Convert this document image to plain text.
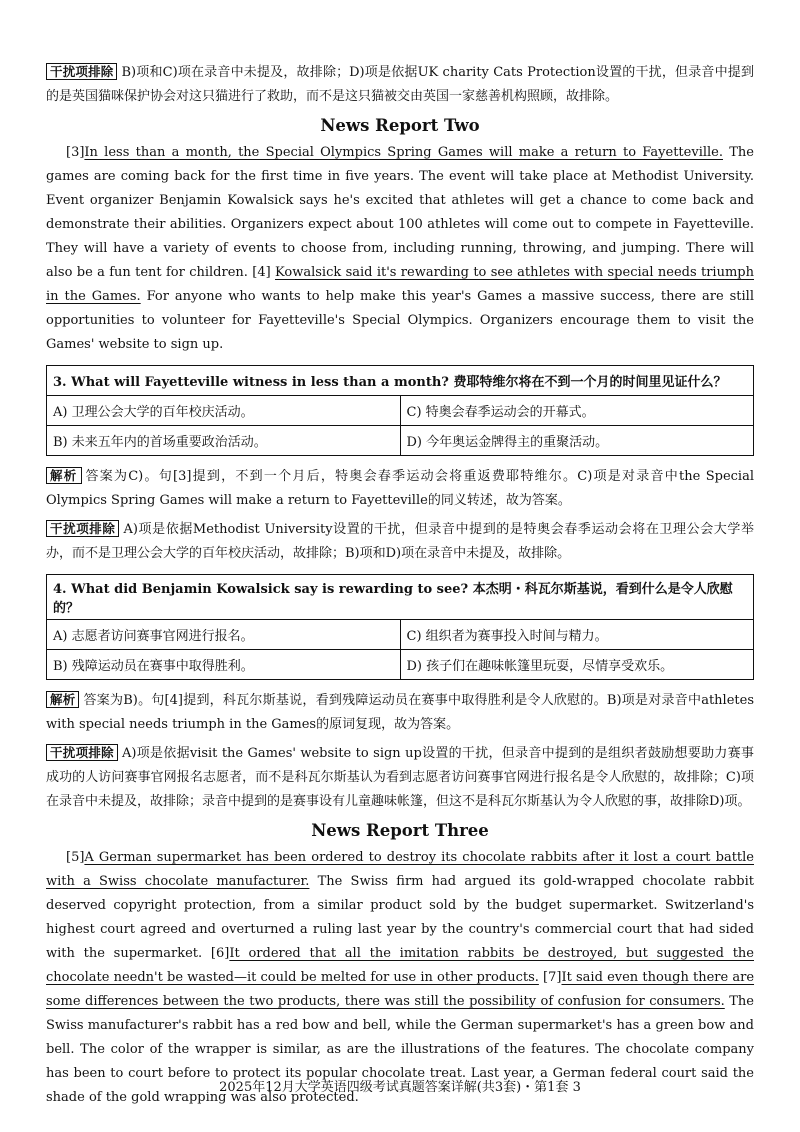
干扰项排除 B)项和C)项在录音中未提及，故排除；D)项是依据UK charity Cats Protection设置的干扰，但录音中提到的是英国猫咪保护协会对这只猫进行了救助，而不是这只猫被交由英国一家慈善机构照顾，故排除。

News Report Two

[3]In less than a month, the Special Olympics Spring Games will make a return to Fayetteville. The games are coming back for the first time in five years. The event will take place at Methodist University. Event organizer Benjamin Kowalsick says he's excited that athletes will get a chance to come back and demonstrate their abilities. Organizers expect about 100 athletes will come out to compete in Fayetteville. They will have a variety of events to choose from, including running, throwing, and jumping. There will also be a fun tent for children. [4] Kowalsick said it's rewarding to see athletes with special needs triumph in the Games. For anyone who wants to help make this year's Games a massive success, there are still opportunities to volunteer for Fayetteville's Special Olympics. Organizers encourage them to visit the Games' website to sign up.

3. What will Fayetteville witness in less than a month? 费耶特维尔将在不到一个月的时间里见证什么？	
A) 卫理公会大学的百年校庆活动。	C) 特奥会春季运动会的开幕式。
B) 未来五年内的首场重要政治活动。	D) 今年奥运金牌得主的重聚活动。

解析 答案为C)。句[3]提到，不到一个月后，特奥会春季运动会将重返费耶特维尔。C)项是对录音中the Special Olympics Spring Games will make a return to Fayetteville的同义转述，故为答案。

干扰项排除 A)项是依据Methodist University设置的干扰，但录音中提到的是特奥会春季运动会将在卫理公会大学举办，而不是卫理公会大学的百年校庆活动，故排除；B)项和D)项在录音中未提及，故排除。

4. What did Benjamin Kowalsick say is rewarding to see? 本杰明・科瓦尔斯基说，看到什么是令人欣慰的？	
A) 志愿者访问赛事官网进行报名。	C) 组织者为赛事投入时间与精力。
B) 残障运动员在赛事中取得胜利。	D) 孩子们在趣味帐篷里玩耍，尽情享受欢乐。

解析 答案为B)。句[4]提到，科瓦尔斯基说，看到残障运动员在赛事中取得胜利是令人欣慰的。B)项是对录音中athletes with special needs triumph in the Games的原词复现，故为答案。

干扰项排除 A)项是依据visit the Games' website to sign up设置的干扰，但录音中提到的是组织者鼓励想要助力赛事成功的人访问赛事官网报名志愿者，而不是科瓦尔斯基认为看到志愿者访问赛事官网进行报名是令人欣慰的，故排除；C)项在录音中未提及，故排除；录音中提到的是赛事设有儿童趣味帐篷，但这不是科瓦尔斯基认为令人欣慰的事，故排除D)项。

News Report Three

[5]A German supermarket has been ordered to destroy its chocolate rabbits after it lost a court battle with a Swiss chocolate manufacturer. The Swiss firm had argued its gold-wrapped chocolate rabbit deserved copyright protection, from a similar product sold by the budget supermarket. Switzerland's highest court agreed and overturned a ruling last year by the country's commercial court that had sided with the supermarket. [6]It ordered that all the imitation rabbits be destroyed, but suggested the chocolate needn't be wasted—it could be melted for use in other products. [7]It said even though there are some differences between the two products, there was still the possibility of confusion for consumers. The Swiss manufacturer's rabbit has a red bow and bell, while the German supermarket's has a green bow and bell. The color of the wrapper is similar, as are the illustrations of the features. The chocolate company has been to court before to protect its popular chocolate treat. Last year, a German federal court said the shade of the gold wrapping was also protected.

2025年12月大学英语四级考试真题答案详解(共3套)・第1套 3
